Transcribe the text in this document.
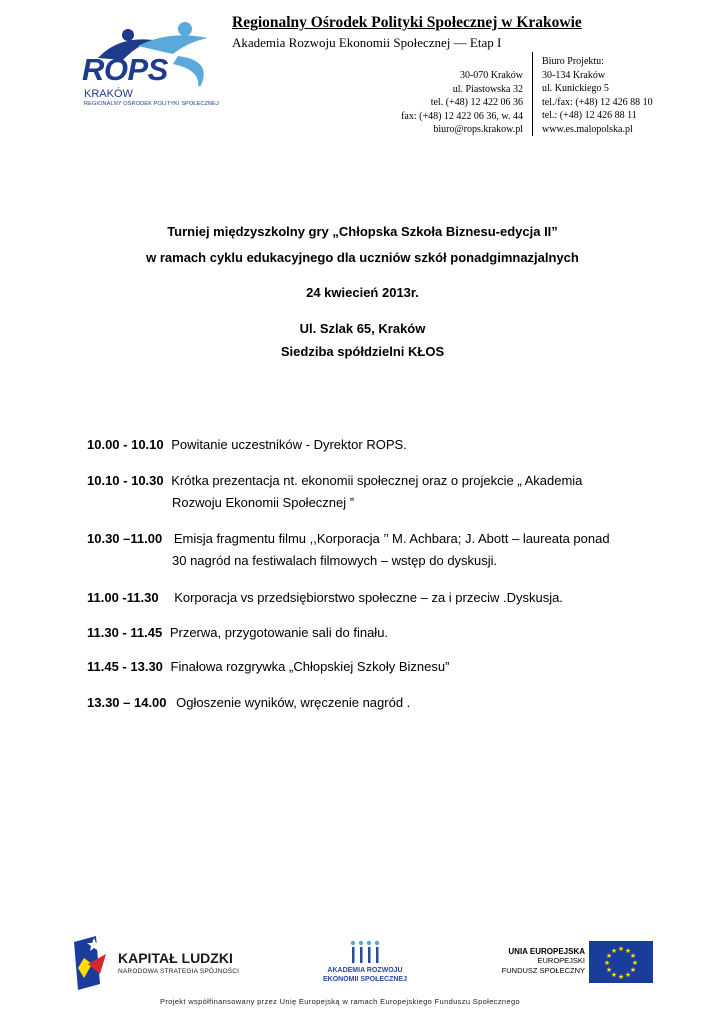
ROPS
KRAKÓW
REGIONALNY OŚRODEK POLITYKI SPOŁECZNEJ
Regionalny Ośrodek Polityki Społecznej w Krakowie
Akademia Rozwoju Ekonomii Społecznej — Etap I
30-070 Kraków
ul. Piastowska 32
tel. (+48) 12 422 06 36
fax: (+48) 12 422 06 36, w. 44
biuro@rops.krakow.pl
Biuro Projektu:
30-134 Kraków
ul. Kunickiego 5
tel./fax: (+48) 12 426 88 10
tel.: (+48) 12 426 88 11
www.es.malopolska.pl
Turniej międzyszkolny gry „Chłopska Szkoła Biznesu-edycja II”
w ramach cyklu edukacyjnego dla uczniów szkół ponadgimnazjalnych
24 kwiecień 2013r.
Ul. Szlak 65, Kraków
Siedziba spółdzielni KŁOS
10.00 - 10.10 Powitanie uczestników - Dyrektor ROPS.
10.10 - 10.30 Krótka prezentacja nt. ekonomii społecznej oraz o projekcie „ Akademia
Rozwoju Ekonomii Społecznej ”
10.30 –11.00 Emisja fragmentu filmu ,,Korporacja ’’ M. Achbara; J. Abott – laureata ponad
30 nagród na festiwalach filmowych – wstęp do dyskusji.
11.00 -11.30 Korporacja vs przedsiębiorstwo społeczne – za i przeciw .Dyskusja.
11.30 - 11.45 Przerwa, przygotowanie sali do finału.
11.45 - 13.30 Finałowa rozgrywka „Chłopskiej Szkoły Biznesu”
13.30 – 14.00 Ogłoszenie wyników, wręczenie nagród .
KAPITAŁ LUDZKI
NARODOWA STRATEGIA SPÓJNOŚCI	AKADEMIA ROZWOJU
EKONOMII SPOŁECZNEJ
UNIA EUROPEJSKA
EUROPEJSKI
FUNDUSZ SPOŁECZNY
★ ★
★
★
★
★
★
★
★
★
★
★
Projekt współfinansowany przez Unię Europejską w ramach Europejskiego Funduszu Społecznego
